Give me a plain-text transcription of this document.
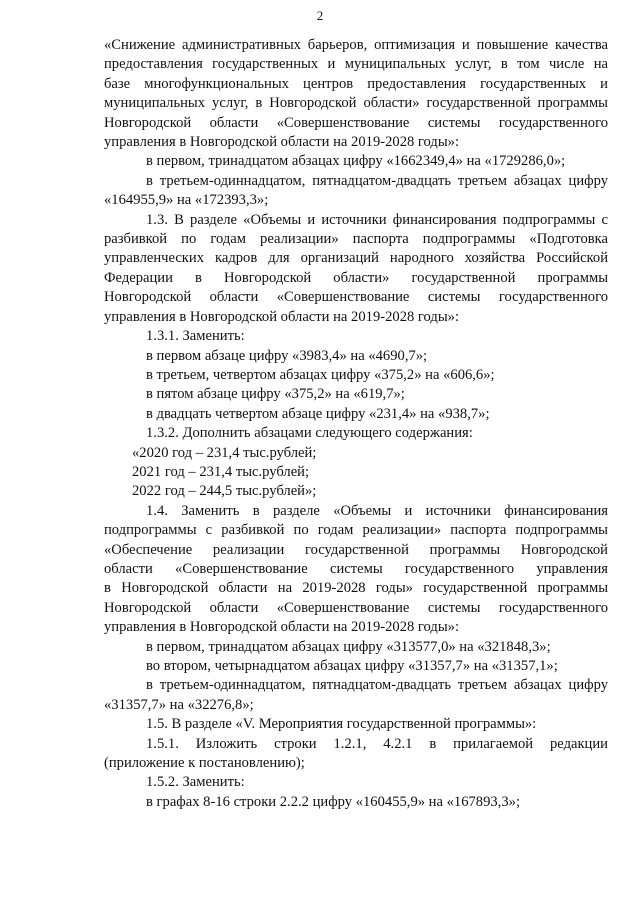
2
«Снижение административных барьеров, оптимизация и повышение качества
предоставления государственных и муниципальных услуг, в том числе на
базе многофункциональных центров предоставления государственных и
муниципальных услуг, в Новгородской области» государственной программы
Новгородской области «Совершенствование системы государственного
управления в Новгородской области на 2019-2028 годы»:
в первом, тринадцатом абзацах цифру «1662349,4» на «1729286,0»;
в третьем-одиннадцатом, пятнадцатом-двадцать третьем абзацах цифру
«164955,9» на «172393,3»;
1.3. В разделе «Объемы и источники финансирования подпрограммы с
разбивкой по годам реализации» паспорта подпрограммы «Подготовка
управленческих кадров для организаций народного хозяйства Российской
Федерации в Новгородской области» государственной программы
Новгородской области «Совершенствование системы государственного
управления в Новгородской области на 2019-2028 годы»:
1.3.1. Заменить:
в первом абзаце цифру «3983,4» на «4690,7»;
в третьем, четвертом абзацах цифру «375,2» на «606,6»;
в пятом абзаце цифру «375,2» на «619,7»;
в двадцать четвертом абзаце цифру «231,4» на «938,7»;
1.3.2. Дополнить абзацами следующего содержания:
«2020 год – 231,4 тыс.рублей;
2021 год – 231,4 тыс.рублей;
2022 год – 244,5 тыс.рублей»;
1.4. Заменить в разделе «Объемы и источники финансирования
подпрограммы с разбивкой по годам реализации» паспорта подпрограммы
«Обеспечение реализации государственной программы Новгородской
области «Совершенствование системы государственного управления
в Новгородской области на 2019-2028 годы» государственной программы
Новгородской области «Совершенствование системы государственного
управления в Новгородской области на 2019-2028 годы»:
в первом, тринадцатом абзацах цифру «313577,0» на «321848,3»;
во втором, четырнадцатом абзацах цифру «31357,7» на «31357,1»;
в третьем-одиннадцатом, пятнадцатом-двадцать третьем абзацах цифру
«31357,7» на «32276,8»;
1.5. В разделе «V. Мероприятия государственной программы»:
1.5.1. Изложить строки 1.2.1, 4.2.1 в прилагаемой редакции
(приложение к постановлению);
1.5.2. Заменить:
в графах 8-16 строки 2.2.2 цифру «160455,9» на «167893,3»;
